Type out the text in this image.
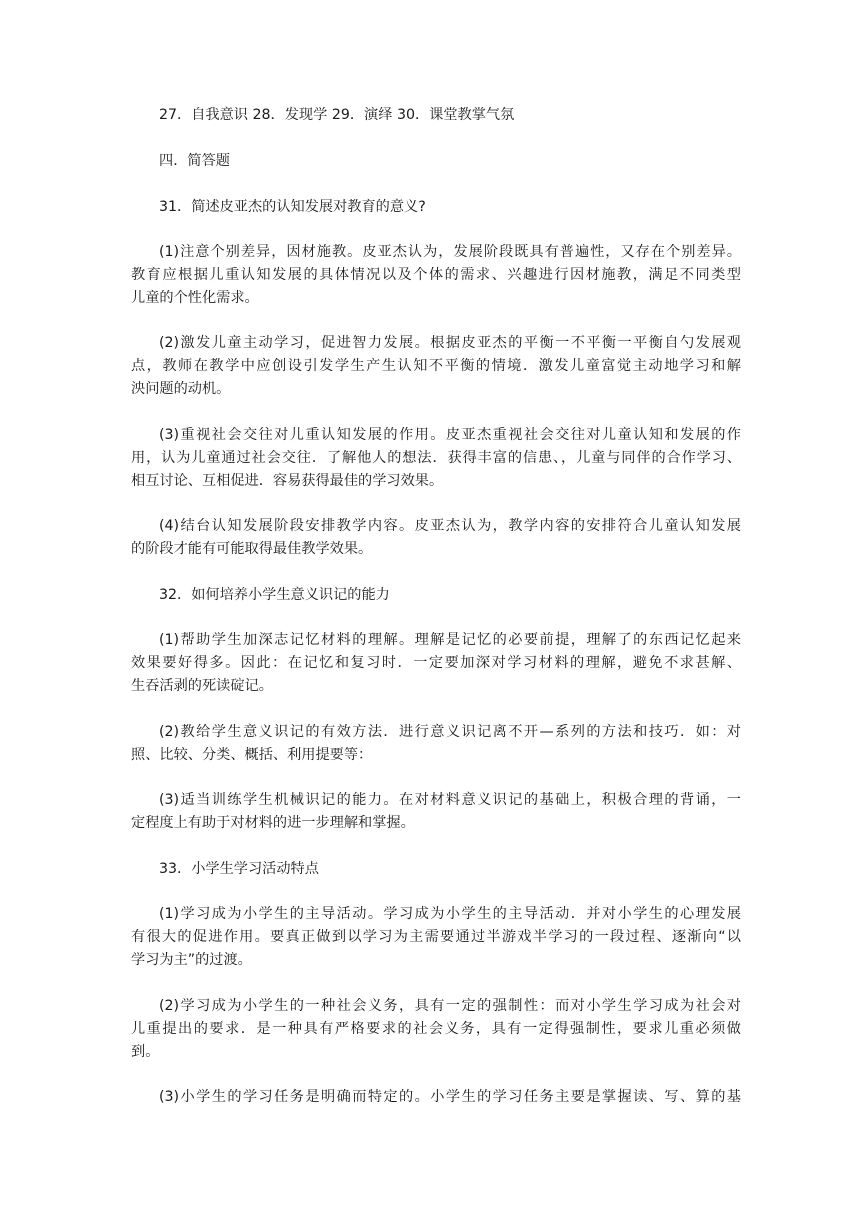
27．自我意识 28．发现学 29．演绎 30．课堂教掌气氛
四．简答题
31．简述皮亚杰的认知发展对教育的意义?
(1)注意个别差异，因材施教。皮亚杰认为，发展阶段既具有普遍性，又存在个别差异。
教育应根据儿重认知发展的具体情况以及个体的需求、兴趣进行因材施教，满足不同类型
儿童的个性化需求。
(2)激发儿童主动学习，促进智力发展。根据皮亚杰的平衡一不平衡一平衡自勺发展观
点，教师在教学中应创设引发学生产生认知不平衡的情境．激发儿童富觉主动地学习和解
泱问题的动机。
(3)重视社会交往对儿重认知发展的作用。皮亚杰重视社会交往对儿童认知和发展的作
用，认为儿童通过社会交往．了解他人的想法．获得丰富的信患、，儿童与同伴的合作学习、
相互讨论、互相促进．容易获得最佳的学习效果。
(4)结台认知发展阶段安排教学内容。皮亚杰认为，教学内容的安排符合儿童认知发展
的阶段才能有可能取得最佳教学效果。
32．如何培养小学生意义识记的能力
(1)帮助学生加深志记忆材料的理解。理解是记忆的必要前提，理解了的东西记忆起来
效果要好得多。因此：在记忆和复习时．一定要加深对学习材料的理解，避免不求甚解、
生吞活剥的死读碇记。
(2)教给学生意义识记的有效方法．进行意义识记离不开—系列的方法和技巧．如：对
照、比较、分类、概括、利用提要等：
(3)适当训练学生机械识记的能力。在对材料意义识记的基础上，积极合理的背诵，一
定程度上有助于对材料的进一步理解和掌握。
33．小学生学习活动特点
(1)学习成为小学生的主导活动。学习成为小学生的主导活动．并对小学生的心理发展
有很大的促进作用。要真正做到以学习为主需要通过半游戏半学习的一段过程、逐渐向“以
学习为主”的过渡。
(2)学习成为小学生的一种社会义务，具有一定的强制性：而对小学生学习成为社会对
儿重提出的要求．是一种具有严格要求的社会义务，具有一定得强制性，要求儿重必须做
到。
(3)小学生的学习任务是明确而特定的。小学生的学习任务主要是掌握读、写、算的基
